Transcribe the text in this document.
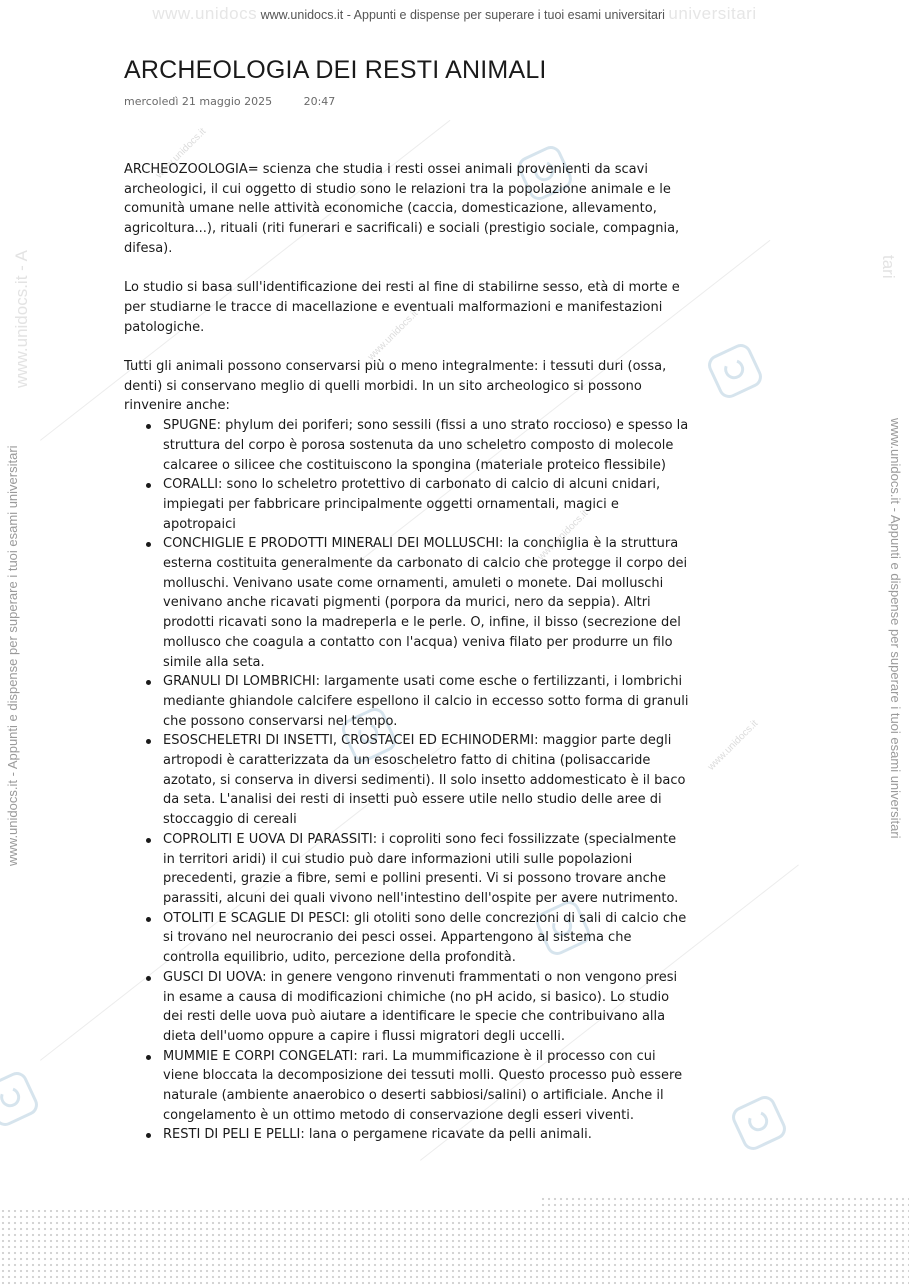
www.unidocs.it
www.unidocs.it
www.unidocs.it
www.unidocs.it
www.unidocs www.unidocs.it - Appunti e dispense per superare i tuoi esami universitari universitari
www.unidocs.it - Appunti e dispense per superare i tuoi esami universitari	www.unidocs.it - Appunti e dispense per superare i tuoi esami universitari
www.unidocs.it - A	tari
ARCHEOLOGIA DEI RESTI ANIMALI
mercoledì 21 maggio 2025	20:47

ARCHEOZOOLOGIA= scienza che studia i resti ossei animali provenienti da scavi archeologici, il cui oggetto di studio sono le relazioni tra la popolazione animale e le comunità umane nelle attività economiche (caccia, domesticazione, allevamento, agricoltura...), rituali (riti funerari e sacrificali) e sociali (prestigio sociale, compagnia, difesa).

Lo studio si basa sull'identificazione dei resti al fine di stabilirne sesso, età di morte e per studiarne le tracce di macellazione e eventuali malformazioni e manifestazioni patologiche.

Tutti gli animali possono conservarsi più o meno integralmente: i tessuti duri (ossa, denti) si conservano meglio di quelli morbidi. In un sito archeologico si possono rinvenire anche:

SPUGNE: phylum dei poriferi; sono sessili (fissi a uno strato roccioso) e spesso la struttura del corpo è porosa sostenuta da uno scheletro composto di molecole calcaree o silicee che costituiscono la spongina (materiale proteico flessibile)
CORALLI: sono lo scheletro protettivo di carbonato di calcio di alcuni cnidari, impiegati per fabbricare principalmente oggetti ornamentali, magici e apotropaici
CONCHIGLIE E PRODOTTI MINERALI DEI MOLLUSCHI: la conchiglia è la struttura esterna costituita generalmente da carbonato di calcio che protegge il corpo dei molluschi. Venivano usate come ornamenti, amuleti o monete. Dai molluschi venivano anche ricavati pigmenti (porpora da murici, nero da seppia). Altri prodotti ricavati sono la madreperla e le perle. O, infine, il bisso (secrezione del mollusco che coagula a contatto con l'acqua) veniva filato per produrre un filo simile alla seta.
GRANULI DI LOMBRICHI: largamente usati come esche o fertilizzanti, i lombrichi mediante ghiandole calcifere espellono il calcio in eccesso sotto forma di granuli che possono conservarsi nel tempo.
ESOSCHELETRI DI INSETTI, CROSTACEI ED ECHINODERMI: maggior parte degli artropodi è caratterizzata da un esoscheletro fatto di chitina (polisaccaride azotato, si conserva in diversi sedimenti). Il solo insetto addomesticato è il baco da seta. L'analisi dei resti di insetti può essere utile nello studio delle aree di stoccaggio di cereali
COPROLITI E UOVA DI PARASSITI: i coproliti sono feci fossilizzate (specialmente in territori aridi) il cui studio può dare informazioni utili sulle popolazioni precedenti, grazie a fibre, semi e pollini presenti. Vi si possono trovare anche parassiti, alcuni dei quali vivono nell'intestino dell'ospite per avere nutrimento.
OTOLITI E SCAGLIE DI PESCI: gli otoliti sono delle concrezioni di sali di calcio che si trovano nel neurocranio dei pesci ossei. Appartengono al sistema che controlla equilibrio, udito, percezione della profondità.
GUSCI DI UOVA: in genere vengono rinvenuti frammentati o non vengono presi in esame a causa di modificazioni chimiche (no pH acido, si basico). Lo studio dei resti delle uova può aiutare a identificare le specie che contribuivano alla dieta dell'uomo oppure a capire i flussi migratori degli uccelli.
MUMMIE E CORPI CONGELATI: rari. La mummificazione è il processo con cui viene bloccata la decomposizione dei tessuti molli. Questo processo può essere naturale (ambiente anaerobico o deserti sabbiosi/salini) o artificiale. Anche il congelamento è un ottimo metodo di conservazione degli esseri viventi.
RESTI DI PELI E PELLI: lana o pergamene ricavate da pelli animali.
